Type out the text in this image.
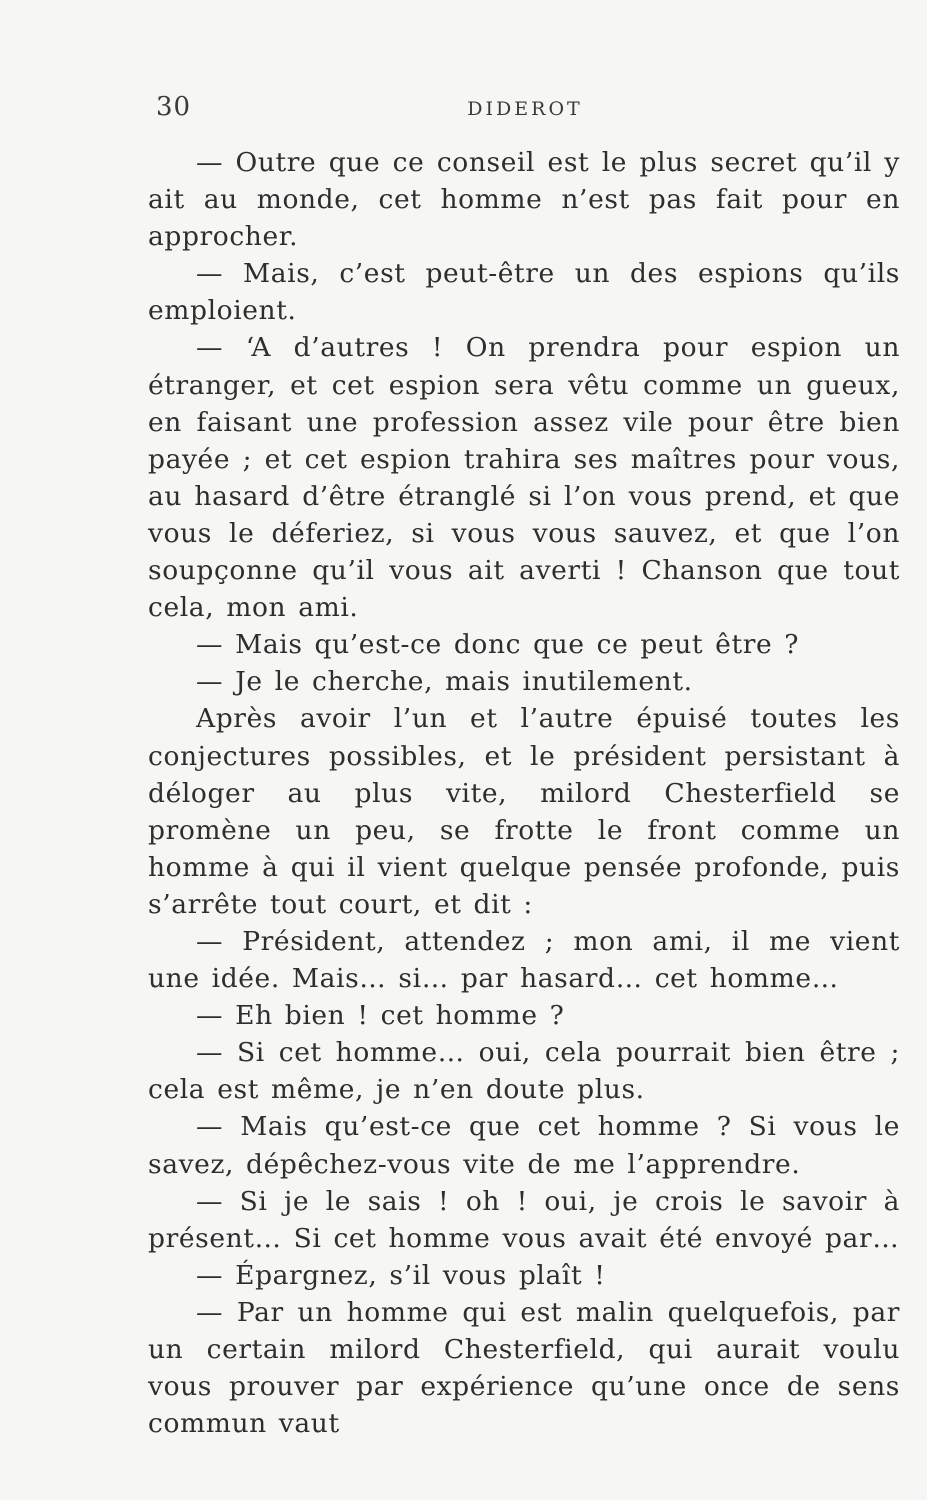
30	DIDEROT

— Outre que ce conseil est le plus secret qu’il y ait au monde, cet homme n’est pas fait pour en approcher.

— Mais, c’est peut-être un des espions qu’ils emploient.

— ‘A d’autres ! On prendra pour espion un étranger, et cet espion sera vêtu comme un gueux, en faisant une profession assez vile pour être bien payée ; et cet espion trahira ses maîtres pour vous, au hasard d’être étranglé si l’on vous prend, et que vous le déferiez, si vous vous sauvez, et que l’on soupçonne qu’il vous ait averti ! Chanson que tout cela, mon ami.

— Mais qu’est-ce donc que ce peut être ?

— Je le cherche, mais inutilement.

Après avoir l’un et l’autre épuisé toutes les conjectures possibles, et le président persistant à déloger au plus vite, milord Chesterfield se promène un peu, se frotte le front comme un homme à qui il vient quelque pensée profonde, puis s’arrête tout court, et dit :

— Président, attendez ; mon ami, il me vient une idée. Mais… si… par hasard… cet homme…

— Eh bien ! cet homme ?

— Si cet homme… oui, cela pourrait bien être ; cela est même, je n’en doute plus.

— Mais qu’est-ce que cet homme ? Si vous le savez, dépêchez-vous vite de me l’apprendre.

— Si je le sais ! oh ! oui, je crois le savoir à présent… Si cet homme vous avait été envoyé par…

— Épargnez, s’il vous plaît !

— Par un homme qui est malin quelquefois, par un certain milord Chesterfield, qui aurait voulu vous prouver par expérience qu’une once de sens commun vaut
